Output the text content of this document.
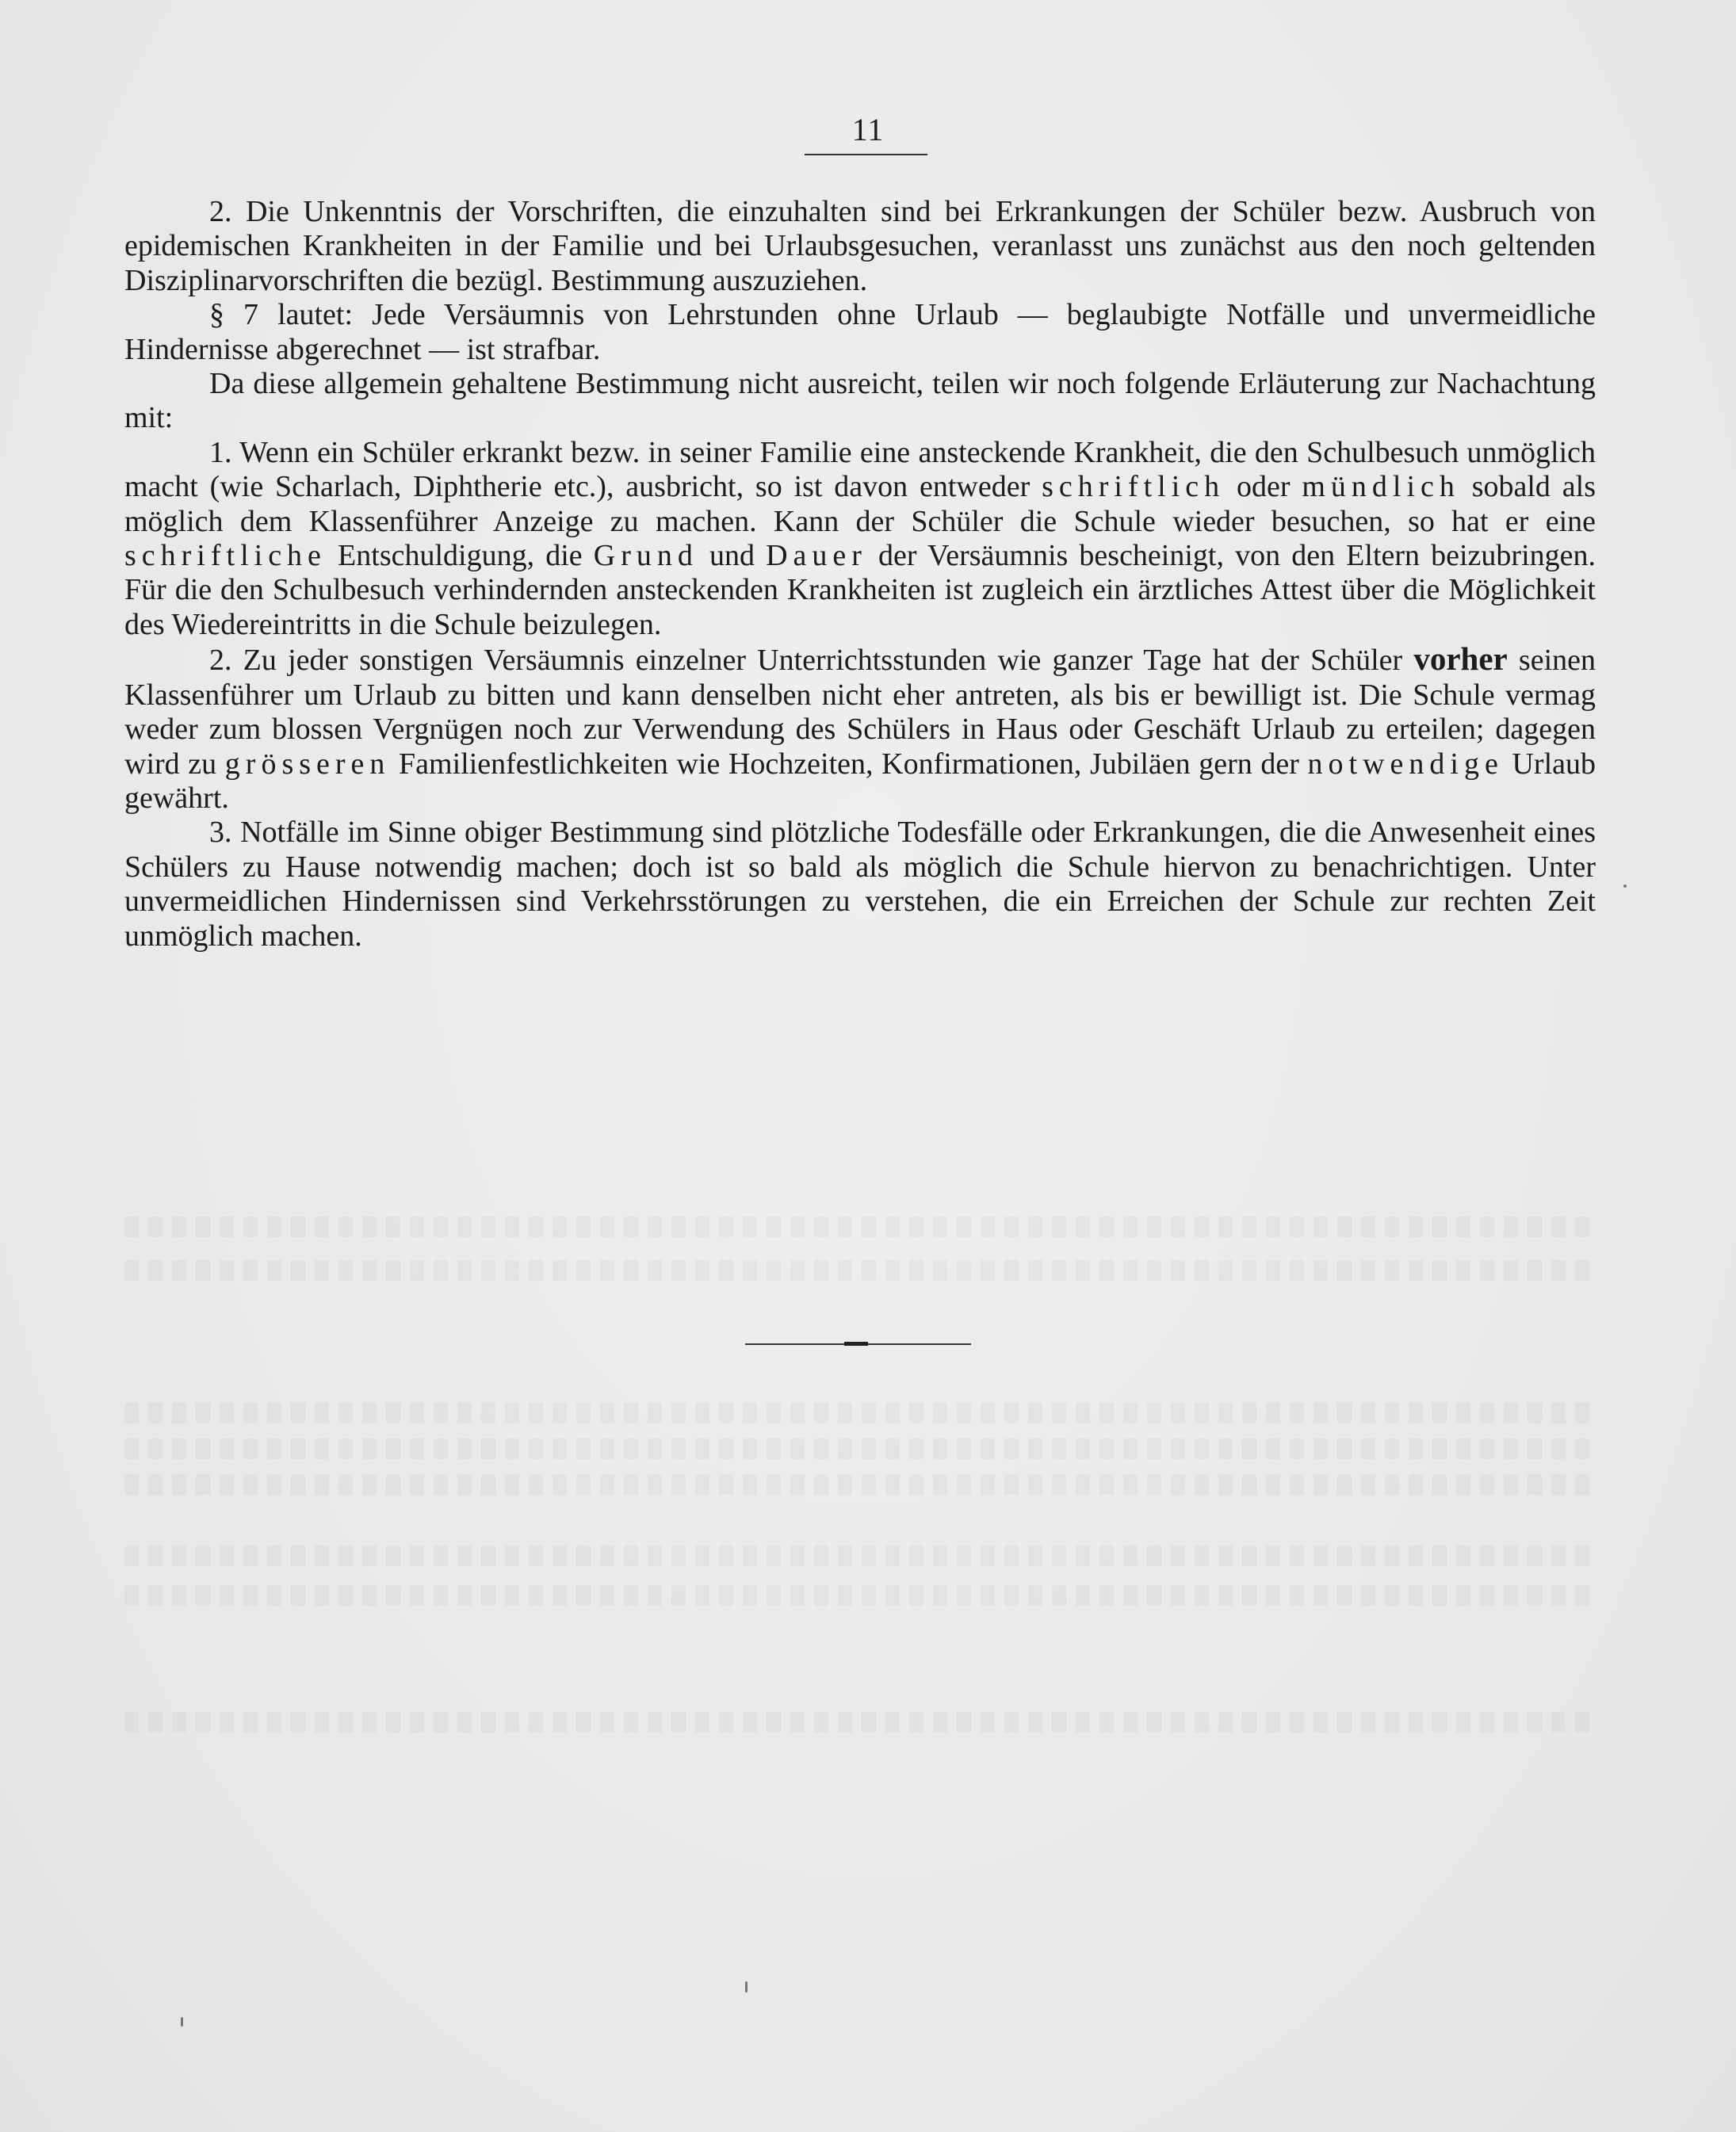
11

2. Die Unkenntnis der Vorschriften, die einzuhalten sind bei Erkrankungen der Schüler bezw. Ausbruch von epidemischen Krankheiten in der Familie und bei Urlaubsgesuchen, veranlasst uns zunächst aus den noch geltenden Disziplinarvorschriften die bezügl. Bestimmung auszuziehen.

§ 7 lautet: Jede Versäumnis von Lehrstunden ohne Urlaub — beglaubigte Notfälle und unvermeidliche Hindernisse abgerechnet — ist strafbar.

Da diese allgemein gehaltene Bestimmung nicht ausreicht, teilen wir noch folgende Erläuterung zur Nachachtung mit:

1. Wenn ein Schüler erkrankt bezw. in seiner Familie eine ansteckende Krankheit, die den Schulbesuch unmöglich macht (wie Scharlach, Diphtherie etc.), ausbricht, so ist davon entweder schriftlich oder mündlich sobald als möglich dem Klassenführer Anzeige zu machen. Kann der Schüler die Schule wieder besuchen, so hat er eine schriftliche Entschuldigung, die Grund und Dauer der Versäumnis bescheinigt, von den Eltern beizubringen. Für die den Schulbesuch verhindernden ansteckenden Krankheiten ist zugleich ein ärztliches Attest über die Möglichkeit des Wiedereintritts in die Schule beizulegen.

2. Zu jeder sonstigen Versäumnis einzelner Unterrichtsstunden wie ganzer Tage hat der Schüler vorher seinen Klassenführer um Urlaub zu bitten und kann denselben nicht eher antreten, als bis er bewilligt ist. Die Schule vermag weder zum blossen Vergnügen noch zur Verwendung des Schülers in Haus oder Geschäft Urlaub zu erteilen; dagegen wird zu grösseren Familienfestlichkeiten wie Hochzeiten, Konfirmationen, Jubiläen gern der notwendige Urlaub gewährt.

3. Notfälle im Sinne obiger Bestimmung sind plötzliche Todesfälle oder Erkrankungen, die die Anwesenheit eines Schülers zu Hause notwendig machen; doch ist so bald als möglich die Schule hiervon zu benachrichtigen. Unter unvermeidlichen Hindernissen sind Verkehrsstörungen zu verstehen, die ein Erreichen der Schule zur rechten Zeit unmöglich machen.
